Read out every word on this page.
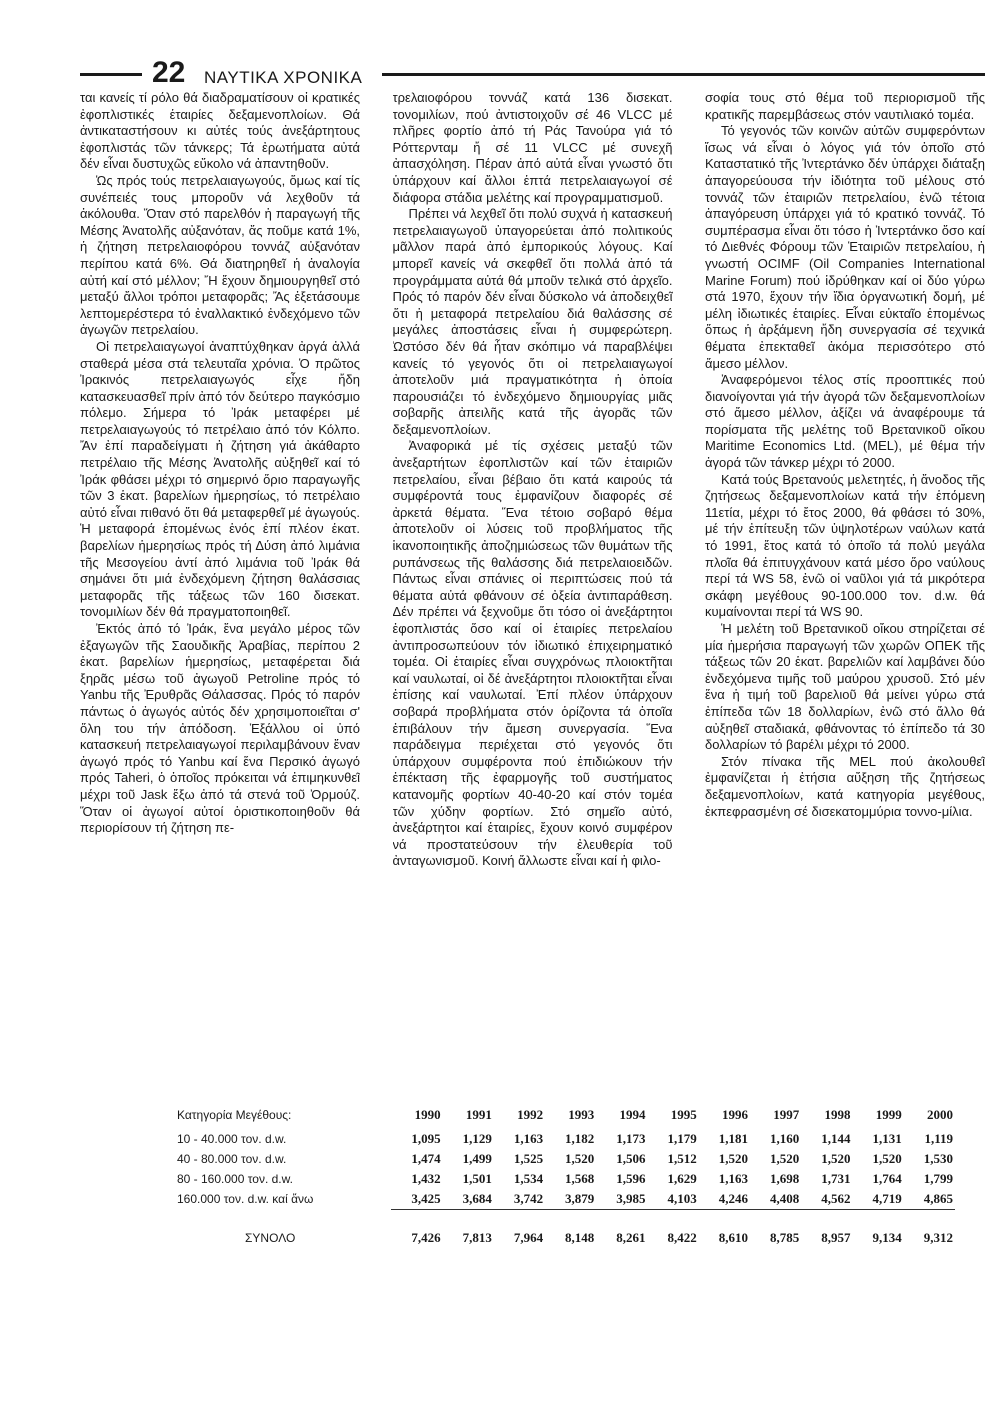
22 ΝΑΥΤΙΚΑ ΧΡΟΝΙΚΑ

ται κανείς τί ρόλο θά διαδραματίσουν οἱ κρατικές ἐφοπλιστικές ἑταιρίες δεξαμενοπλοίων. Θά ἀντικαταστήσουν κι αὐτές τούς ἀνεξάρτητους ἐφοπλιστάς τῶν τάνκερς; Τά ἐρωτήματα αὐτά δέν εἶναι δυστυχῶς εὔκολο νά ἀπαντηθοῦν.

Ὡς πρός τούς πετρελαιαγωγούς, ὅμως καί τίς συνέπειές τους μποροῦν νά λεχθοῦν τά ἀκόλουθα. Ὅταν στό παρελθόν ἡ παραγωγή τῆς Μέσης Ἀνατολῆς αὐξανόταν, ἄς ποῦμε κατά 1%, ἡ ζήτηση πετρελαιοφόρου τοννάζ αὐξανόταν περίπου κατά 6%. Θά διατηρηθεῖ ἡ ἀναλογία αὐτή καί στό μέλλον; Ἤ ἔχουν δημιουργηθεῖ στό μεταξύ ἄλλοι τρόποι μεταφορᾶς; Ἄς ἐξετάσουμε λεπτομερέστερα τό ἐναλλακτικό ἐνδεχόμενο τῶν ἀγωγῶν πετρελαίου.

Οἱ πετρελαιαγωγοί ἀναπτύχθηκαν ἀργά ἀλλά σταθερά μέσα στά τελευταῖα χρόνια. Ὁ πρῶτος Ἰρακινός πετρελαιαγωγός εἶχε ἤδη κατασκευασθεῖ πρίν ἀπό τόν δεύτερο παγκόσμιο πόλεμο. Σήμερα τό Ἰράκ μεταφέρει μέ πετρελαιαγωγούς τό πετρέλαιο ἀπό τόν Κόλπο. Ἄν ἐπί παραδείγματι ἡ ζήτηση γιά ἀκάθαρτο πετρέλαιο τῆς Μέσης Ἀνατολῆς αὐξηθεῖ καί τό Ἰράκ φθάσει μέχρι τό σημερινό ὅριο παραγωγῆς τῶν 3 ἑκατ. βαρελίων ἡμερησίως, τό πετρέλαιο αὐτό εἶναι πιθανό ὅτι θά μεταφερθεῖ μέ ἀγωγούς. Ἡ μεταφορά ἑπομένως ἑνός ἐπί πλέον ἑκατ. βαρελίων ἡμερησίως πρός τή Δύση ἀπό λιμάνια τῆς Μεσογείου ἀντί ἀπό λιμάνια τοῦ Ἰράκ θά σημάνει ὅτι μιά ἐνδεχόμενη ζήτηση θαλάσσιας μεταφορᾶς τῆς τάξεως τῶν 160 δισεκατ. τονομιλίων δέν θά πραγματοποιηθεῖ.

Ἐκτός ἀπό τό Ἰράκ, ἕνα μεγάλο μέρος τῶν ἐξαγωγῶν τῆς Σαουδικῆς Ἀραβίας, περίπου 2 ἑκατ. βαρελίων ἡμερησίως, μεταφέρεται διά ξηρᾶς μέσω τοῦ ἀγωγοῦ Petroline πρός τό Yanbu τῆς Ἐρυθρᾶς Θάλασσας. Πρός τό παρόν πάντως ὁ ἀγωγός αὐτός δέν χρησιμοποιεῖται σ' ὅλη του τήν ἀπόδοση. Ἐξάλλου οἱ ὑπό κατασκευή πετρελαιαγωγοί περιλαμβάνουν ἕναν ἀγωγό πρός τό Yanbu καί ἕνα Περσικό ἀγωγό πρός Taheri, ὁ ὁποῖος πρόκειται νά ἐπιμηκυνθεῖ μέχρι τοῦ Jask ἔξω ἀπό τά στενά τοῦ Ὀρμούζ. Ὅταν οἱ ἀγωγοί αὐτοί ὁριστικοποιηθοῦν θά περιορίσουν τή ζήτηση πε-

τρελαιοφόρου τοννάζ κατά 136 δισεκατ. τονομιλίων, πού ἀντιστοιχοῦν σέ 46 VLCC μέ πλῆρες φορτίο ἀπό τή Ράς Τανούρα γιά τό Ρόττερνταμ ἤ σέ 11 VLCC μέ συνεχῆ ἀπασχόληση. Πέραν ἀπό αὐτά εἶναι γνωστό ὅτι ὑπάρχουν καί ἄλλοι ἑπτά πετρελαιαγωγοί σέ διάφορα στάδια μελέτης καί προγραμματισμοῦ.

Πρέπει νά λεχθεῖ ὅτι πολύ συχνά ἡ κατασκευή πετρελαιαγωγοῦ ὑπαγορεύεται ἀπό πολιτικούς μᾶλλον παρά ἀπό ἐμπορικούς λόγους. Καί μπορεῖ κανείς νά σκεφθεῖ ὅτι πολλά ἀπό τά προγράμματα αὐτά θά μποῦν τελικά στό ἀρχεῖο. Πρός τό παρόν δέν εἶναι δύσκολο νά ἀποδειχθεῖ ὅτι ἡ μεταφορά πετρελαίου διά θαλάσσης σέ μεγάλες ἀποστάσεις εἶναι ἡ συμφερώτερη. Ὡστόσο δέν θά ἦταν σκόπιμο νά παραβλέψει κανείς τό γεγονός ὅτι οἱ πετρελαιαγωγοί ἀποτελοῦν μιά πραγματικότητα ἡ ὁποία παρουσιάζει τό ἐνδεχόμενο δημιουργίας μιᾶς σοβαρῆς ἀπειλῆς κατά τῆς ἀγορᾶς τῶν δεξαμενοπλοίων.

Ἀναφορικά μέ τίς σχέσεις μεταξύ τῶν ἀνεξαρτήτων ἐφοπλιστῶν καί τῶν ἑταιριῶν πετρελαίου, εἶναι βέβαιο ὅτι κατά καιρούς τά συμφέροντά τους ἐμφανίζουν διαφορές σέ ἀρκετά θέματα. Ἕνα τέτοιο σοβαρό θέμα ἀποτελοῦν οἱ λύσεις τοῦ προβλήματος τῆς ἱκανοποιητικῆς ἀποζημιώσεως τῶν θυμάτων τῆς ρυπάνσεως τῆς θαλάσσης διά πετρελαιοειδῶν. Πάντως εἶναι σπάνιες οἱ περιπτώσεις πού τά θέματα αὐτά φθάνουν σέ ὀξεία ἀντιπαράθεση. Δέν πρέπει νά ξεχνοῦμε ὅτι τόσο οἱ ἀνεξάρτητοι ἐφοπλιστάς ὅσο καί οἱ ἑταιρίες πετρελαίου ἀντιπροσωπεύουν τόν ἰδιωτικό ἐπιχειρηματικό τομέα. Οἱ ἑταιρίες εἶναι συγχρόνως πλοιοκτῆται καί ναυλωταί, οἱ δέ ἀνεξάρτητοι πλοιοκτῆται εἶναι ἐπίσης καί ναυλωταί. Ἐπί πλέον ὑπάρχουν σοβαρά προβλήματα στόν ὁρίζοντα τά ὁποῖα ἐπιβάλουν τήν ἄμεση συνεργασία. Ἕνα παράδειγμα περιέχεται στό γεγονός ὅτι ὑπάρχουν συμφέροντα πού ἐπιδιώκουν τήν ἐπέκταση τῆς ἐφαρμογῆς τοῦ συστήματος κατανομῆς φορτίων 40-40-20 καί στόν τομέα τῶν χύδην φορτίων. Στό σημεῖο αὐτό, ἀνεξάρτητοι καί ἑταιρίες, ἔχουν κοινό συμφέρον νά προστατεύσουν τήν ἐλευθερία τοῦ ἀνταγωνισμοῦ. Κοινή ἄλλωστε εἶναι καί ἡ φιλο-

σοφία τους στό θέμα τοῦ περιορισμοῦ τῆς κρατικῆς παρεμβάσεως στόν ναυτιλιακό τομέα.

Τό γεγονός τῶν κοινῶν αὐτῶν συμφερόντων ἴσως νά εἶναι ὁ λόγος γιά τόν ὁποῖο στό Καταστατικό τῆς Ἰντερτάνκο δέν ὑπάρχει διάταξη ἀπαγορεύουσα τήν ἰδιότητα τοῦ μέλους στό τοννάζ τῶν ἑταιριῶν πετρελαίου, ἐνῶ τέτοια ἀπαγόρευση ὑπάρχει γιά τό κρατικό τοννάζ. Τό συμπέρασμα εἶναι ὅτι τόσο ἡ Ἰντερτάνκο ὅσο καί τό Διεθνές Φόρουμ τῶν Ἑταιριῶν πετρελαίου, ἡ γνωστή OCIMF (Oil Companies International Marine Forum) πού ἱδρύθηκαν καί οἱ δύο γύρω στά 1970, ἔχουν τήν ἴδια ὀργανωτική δομή, μέ μέλη ἰδιωτικές ἑταιρίες. Εἶναι εὐκταῖο ἑπομένως ὅπως ἡ ἀρξάμενη ἤδη συνεργασία σέ τεχνικά θέματα ἐπεκταθεῖ ἀκόμα περισσότερο στό ἄμεσο μέλλον.

Ἀναφερόμενοι τέλος στίς προοπτικές πού διανοίγονται γιά τήν ἀγορά τῶν δεξαμενοπλοίων στό ἄμεσο μέλλον, ἀξίζει νά ἀναφέρουμε τά πορίσματα τῆς μελέτης τοῦ Βρετανικοῦ οἴκου Maritime Economics Ltd. (MEL), μέ θέμα τήν ἀγορά τῶν τάνκερ μέχρι τό 2000.

Κατά τούς Βρετανούς μελετητές, ἡ ἄνοδος τῆς ζητήσεως δεξαμενοπλοίων κατά τήν ἑπόμενη 11ετία, μέχρι τό ἔτος 2000, θά φθάσει τό 30%, μέ τήν ἐπίτευξη τῶν ὑψηλοτέρων ναύλων κατά τό 1991, ἔτος κατά τό ὁποῖο τά πολύ μεγάλα πλοῖα θά ἐπιτυγχάνουν κατά μέσο ὅρο ναύλους περί τά WS 58, ἐνῶ οἱ ναῦλοι γιά τά μικρότερα σκάφη μεγέθους 90-100.000 τον. d.w. θά κυμαίνονται περί τά WS 90.

Ἡ μελέτη τοῦ Βρετανικοῦ οἴκου στηρίζεται σέ μία ἡμερήσια παραγωγή τῶν χωρῶν ΟΠΕΚ τῆς τάξεως τῶν 20 ἑκατ. βαρελιῶν καί λαμβάνει δύο ἐνδεχόμενα τιμῆς τοῦ μαύρου χρυσοῦ. Στό μέν ἕνα ἡ τιμή τοῦ βαρελιοῦ θά μείνει γύρω στά ἐπίπεδα τῶν 18 δολλαρίων, ἐνῶ στό ἄλλο θά αὐξηθεῖ σταδιακά, φθάνοντας τό ἐπίπεδο τά 30 δολλαρίων τό βαρέλι μέχρι τό 2000.

Στόν πίνακα τῆς MEL πού ἀκολουθεῖ ἐμφανίζεται ἡ ἐτήσια αὔξηση τῆς ζητήσεως δεξαμενοπλοίων, κατά κατηγορία μεγέθους, ἐκπεφρασμένη σέ δισεκατομμύρια τοννο-μίλια.

Κατηγορία Μεγέθους:	1990	1991	1992	1993	1994	1995	1996	1997	1998	1999	2000
10 - 40.000 τον. d.w.	1,095	1,129	1,163	1,182	1,173	1,179	1,181	1,160	1,144	1,131	1,119
40 - 80.000 τον. d.w.	1,474	1,499	1,525	1,520	1,506	1,512	1,520	1,520	1,520	1,520	1,530
80 - 160.000 τον. d.w.	1,432	1,501	1,534	1,568	1,596	1,629	1,163	1,698	1,731	1,764	1,799
160.000 τον. d.w. καί ἄνω	3,425	3,684	3,742	3,879	3,985	4,103	4,246	4,408	4,562	4,719	4,865

ΣΥΝΟΛΟ	7,426	7,813	7,964	8,148	8,261	8,422	8,610	8,785	8,957	9,134	9,312
